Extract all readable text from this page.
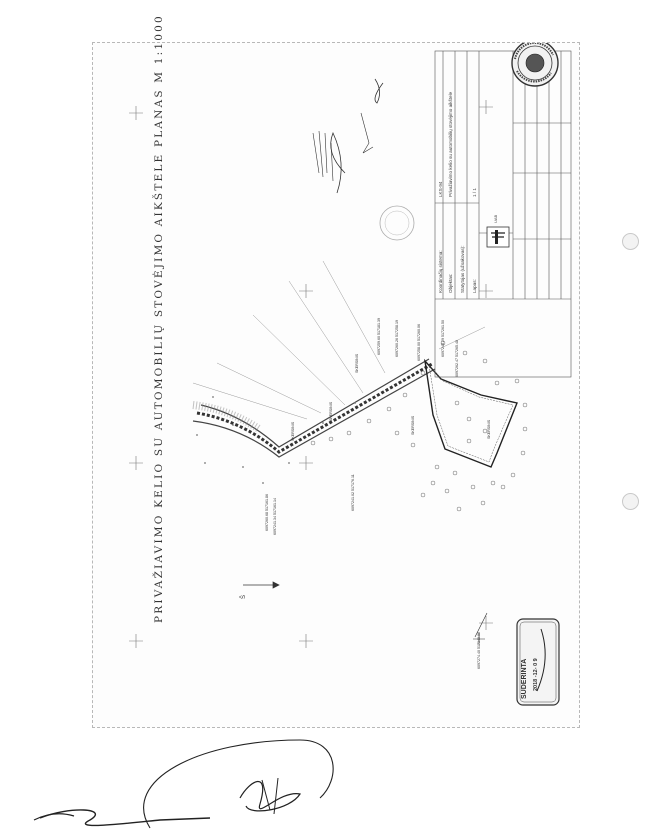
PRIVAŽIAVIMO KELIO SU AUTOMOBILIŲ STOVĖJIMO AIKŠTELE PLANAS M 1:1000	Š
6097260.68 517161.86 6097241.34 517161.14
6097241.02 517176.11
6097259.60 517181.39	6097260.26 517258.19	6097258.00 517260.06	6097248.29 517261.50
6097262.47 517265.48
6097274.40 517340.00
SKERSINIS
SKERSINIS
SKERSINIS
SKERSINIS	SKERSINIS
Koordinačių sistema:
LKS-94
Objektas:
Privažiavimo kelio su automobilių stovėjimo aikštele
Statytojas (užsakovas): Lapas:
1 / 1
UAB
SUDERINTA 2018 -12- 0 9
